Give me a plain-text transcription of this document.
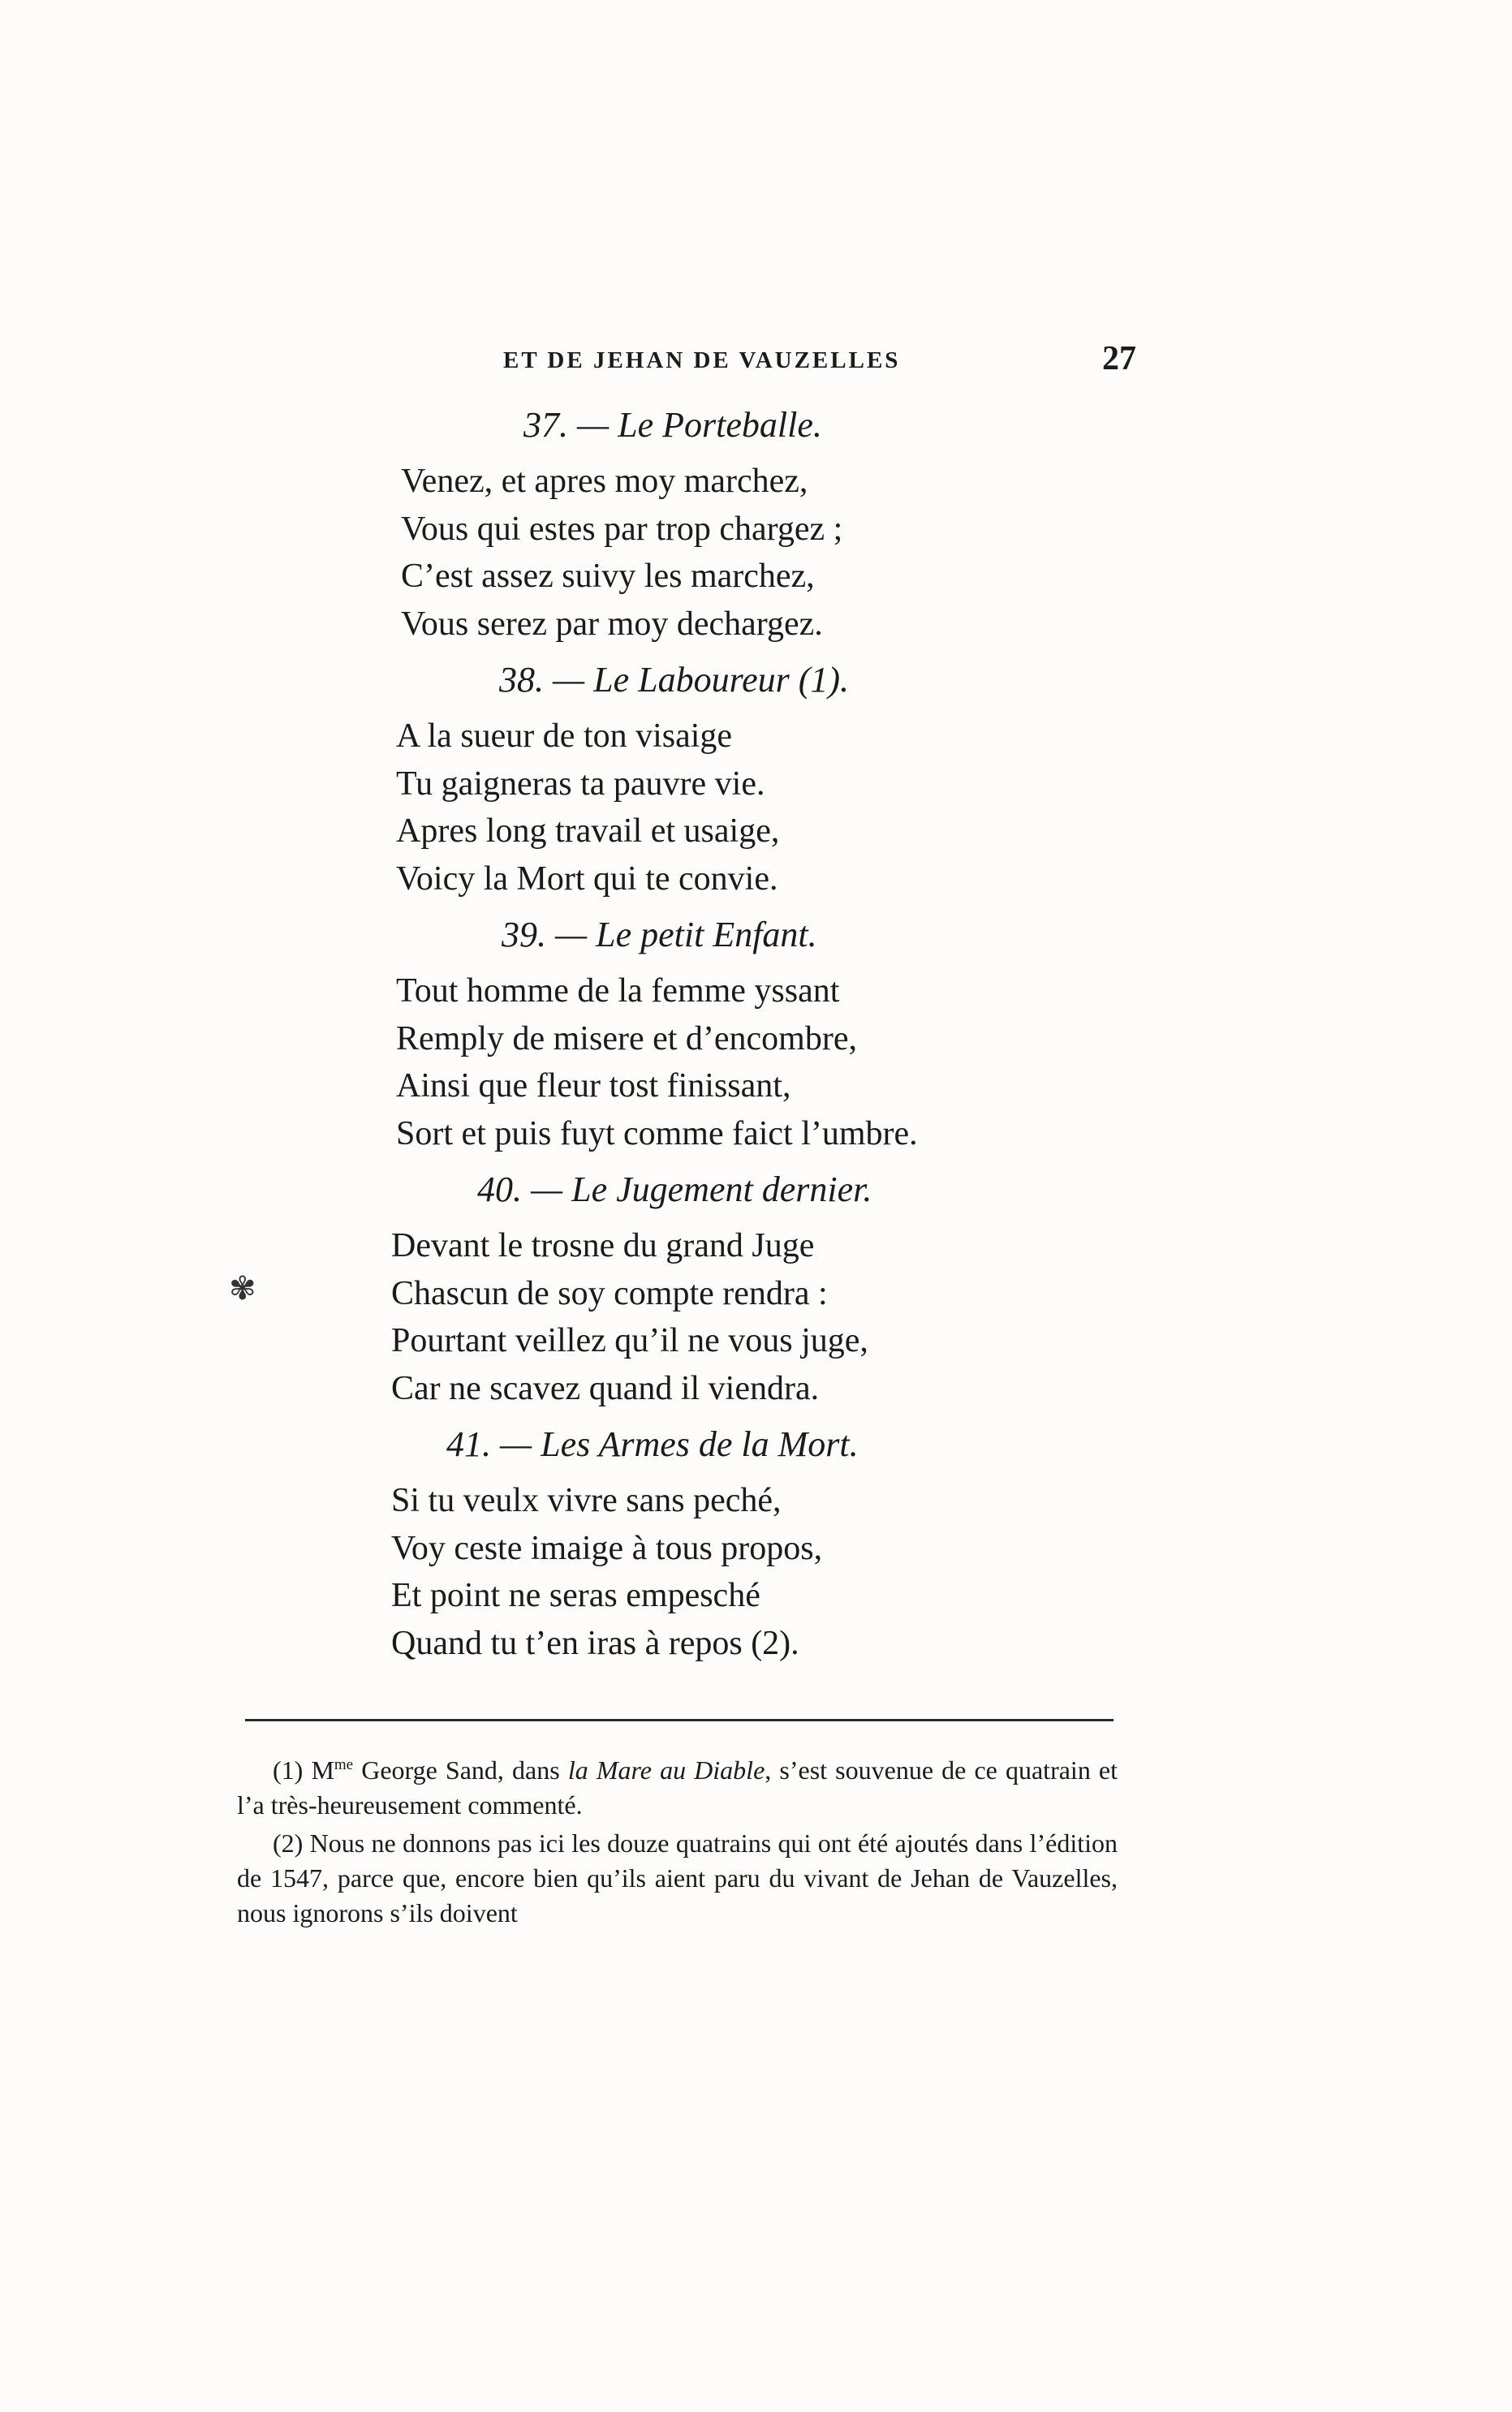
ET DE JEHAN DE VAUZELLES	27
✾
37. — Le Porteballe.
Venez, et apres moy marchez,
Vous qui estes par trop chargez ;
C’est assez suivy les marchez,
Vous serez par moy dechargez.
38. — Le Laboureur (1).
A la sueur de ton visaige
Tu gaigneras ta pauvre vie.
Apres long travail et usaige,
Voicy la Mort qui te convie.
39. — Le petit Enfant.
Tout homme de la femme yssant
Remply de misere et d’encombre,
Ainsi que fleur tost finissant,
Sort et puis fuyt comme faict l’umbre.
40. — Le Jugement dernier.
Devant le trosne du grand Juge
Chascun de soy compte rendra :
Pourtant veillez qu’il ne vous juge,
Car ne scavez quand il viendra.
41. — Les Armes de la Mort.
Si tu veulx vivre sans peché,
Voy ceste imaige à tous propos,
Et point ne seras empesché
Quand tu t’en iras à repos (2).

(1) $M^{me}$ George Sand, dans la Mare au Diable, s’est souvenue de ce quatrain et l’a très-heureusement commenté.

(2) Nous ne donnons pas ici les douze quatrains qui ont été ajoutés dans l’édition de 1547, parce que, encore bien qu’ils aient paru du vivant de Jehan de Vauzelles, nous ignorons s’ils doivent
